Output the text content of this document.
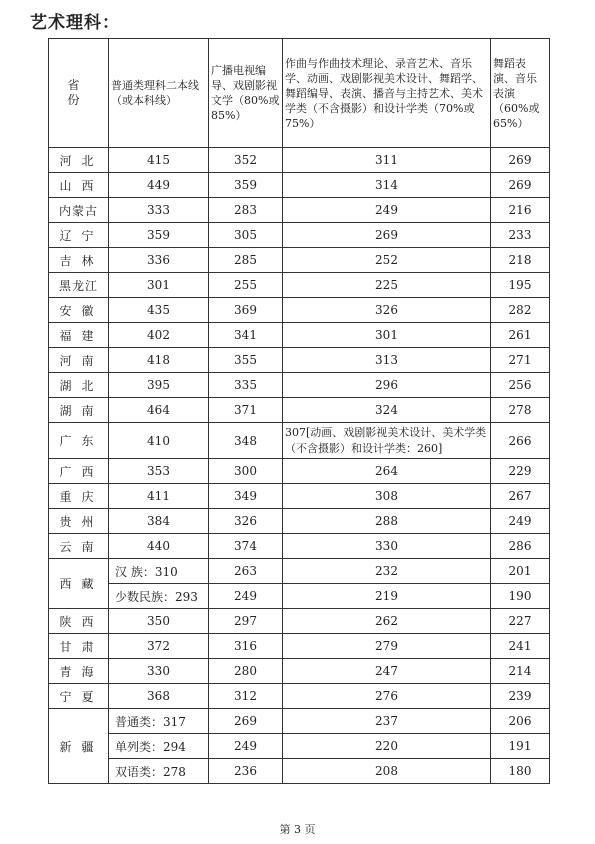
艺术理科：
省 份	普通类理科二本线（或本科线）	广播电视编导、戏剧影视文学（80%或85%）	作曲与作曲技术理论、录音艺术、音乐学、动画、戏剧影视美术设计、舞蹈学、舞蹈编导、表演、播音与主持艺术、美术学类（不含摄影）和设计学类（70%或75%）	舞蹈表演、音乐表演（60%或65%）
河北	415	352	311	269
山西	449	359	314	269
内蒙古	333	283	249	216
辽宁	359	305	269	233
吉林	336	285	252	218
黑龙江	301	255	225	195
安徽	435	369	326	282
福建	402	341	301	261
河南	418	355	313	271
湖北	395	335	296	256
湖南	464	371	324	278
广东	410	348	307[动画、戏剧影视美术设计、美术学类（不含摄影）和设计学类：260]	266
广西	353	300	264	229
重庆	411	349	308	267
贵州	384	326	288	249
云南	440	374	330	286
西藏	汉 族：310	263	232	201
	少数民族：293	249	219	190
陕西	350	297	262	227
甘肃	372	316	279	241
青海	330	280	247	214
宁夏	368	312	276	239
新疆	普通类：317	269	237	206
	单列类：294	249	220	191
	双语类：278	236	208	180
第 3 页
